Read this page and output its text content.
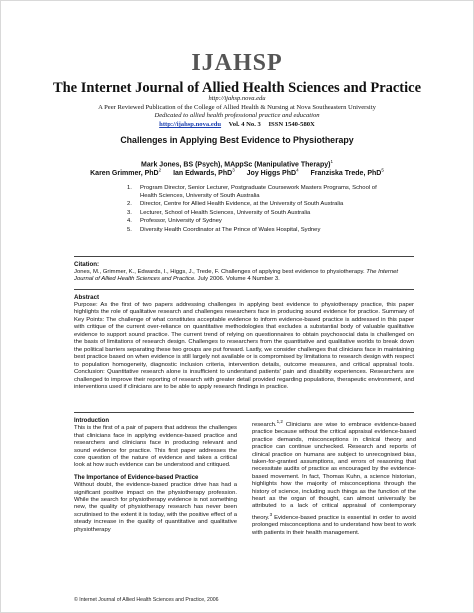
IJAHSP
The Internet Journal of Allied Health Sciences and Practice
http://ijahsp.nova.edu
A Peer Reviewed Publication of the College of Allied Health & Nursing at Nova Southeastern University
Dedicated to allied health professional practice and education
http://ijahsp.nova.edu Vol. 4 No. 3 ISSN 1540-580X
Challenges in Applying Best Evidence to Physiotherapy
Mark Jones, BS (Psych), MAppSc (Manipulative Therapy)$^1$
Karen Grimmer, PhD$^2$ Ian Edwards, PhD$^3$ Joy Higgs PhD$^4$ Franziska Trede, PhD$^5$
1.	Program Director, Senior Lecturer, Postgraduate Coursework Masters Programs, School of Health Sciences, University of South Australia
2.	Director, Centre for Allied Health Evidence, at the University of South Australia
3.	Lecturer, School of Health Sciences, University of South Australia
4.	Professor, University of Sydney
5.	Diversity Health Coordinator at The Prince of Wales Hospital, Sydney
Citation:
Jones, M., Grimmer, K., Edwards, I., Higgs, J., Trede, F. Challenges of applying best evidence to physiotherapy. The Internet Journal of Allied Health Sciences and Practice. July 2006. Volume 4 Number 3.
Abstract
Purpose: As the first of two papers addressing challenges in applying best evidence to physiotherapy practice, this paper highlights the role of qualitative research and challenges researchers face in producing sound evidence for practice. Summary of Key Points: The challenge of what constitutes acceptable evidence to inform evidence-based practice is addressed in this paper with critique of the current over-reliance on quantitative methodologies that excludes a substantial body of valuable qualitative evidence to support sound practice. The current trend of relying on questionnaires to obtain psychosocial data is challenged on the basis of limitations of research design. Challenges to researchers from the quantitative and qualitative worlds to break down the political barriers separating these two groups are put forward. Lastly, we consider challenges that clinicians face in maintaining best practice based on when evidence is still largely not available or is compromised by limitations to research design with respect to population homogeneity, diagnostic inclusion criteria, intervention details, outcome measures, and critical appraisal tools. Conclusion: Quantitative research alone is insufficient to understand patients' pain and disability experiences. Researchers are challenged to improve their reporting of research with greater detail provided regarding populations, therapeutic environment, and interventions used if clinicians are to be able to apply research findings in practice.
Introduction
This is the first of a pair of papers that address the challenges that clinicians face in applying evidence-based practice and researchers and clinicians face in producing relevant and sound evidence for practice. This first paper addresses the core question of the nature of evidence and takes a critical look at how such evidence can be understood and critiqued.
The Importance of Evidence-based Practice
Without doubt, the evidence-based practice drive has had a significant positive impact on the physiotherapy profession. While the search for physiotherapy evidence is not something new, the quality of physiotherapy research has never been scrutinised to the extent it is today, with the positive effect of a steady increase in the quality of quantitative and qualitative physiotherapy
research.$^{1,2}$ Clinicians are wise to embrace evidence-based practice because without the critical appraisal evidence-based practice demands, misconceptions in clinical theory and practice can continue unchecked. Research and reports of clinical practice on humans are subject to unrecognised bias, taken-for-granted assumptions, and errors of reasoning that necessitate audits of practice as encouraged by the evidence-based movement. In fact, Thomas Kuhn, a science historian, highlights how the majority of misconceptions through the history of science, including such things as the function of the heart as the organ of thought, can almost universally be attributed to a lack of critical appraisal of contemporary theory.$^3$ Evidence-based practice is essential in order to avoid prolonged misconceptions and to understand how best to work with patients in their health management.
© Internet Journal of Allied Health Sciences and Practice, 2006
